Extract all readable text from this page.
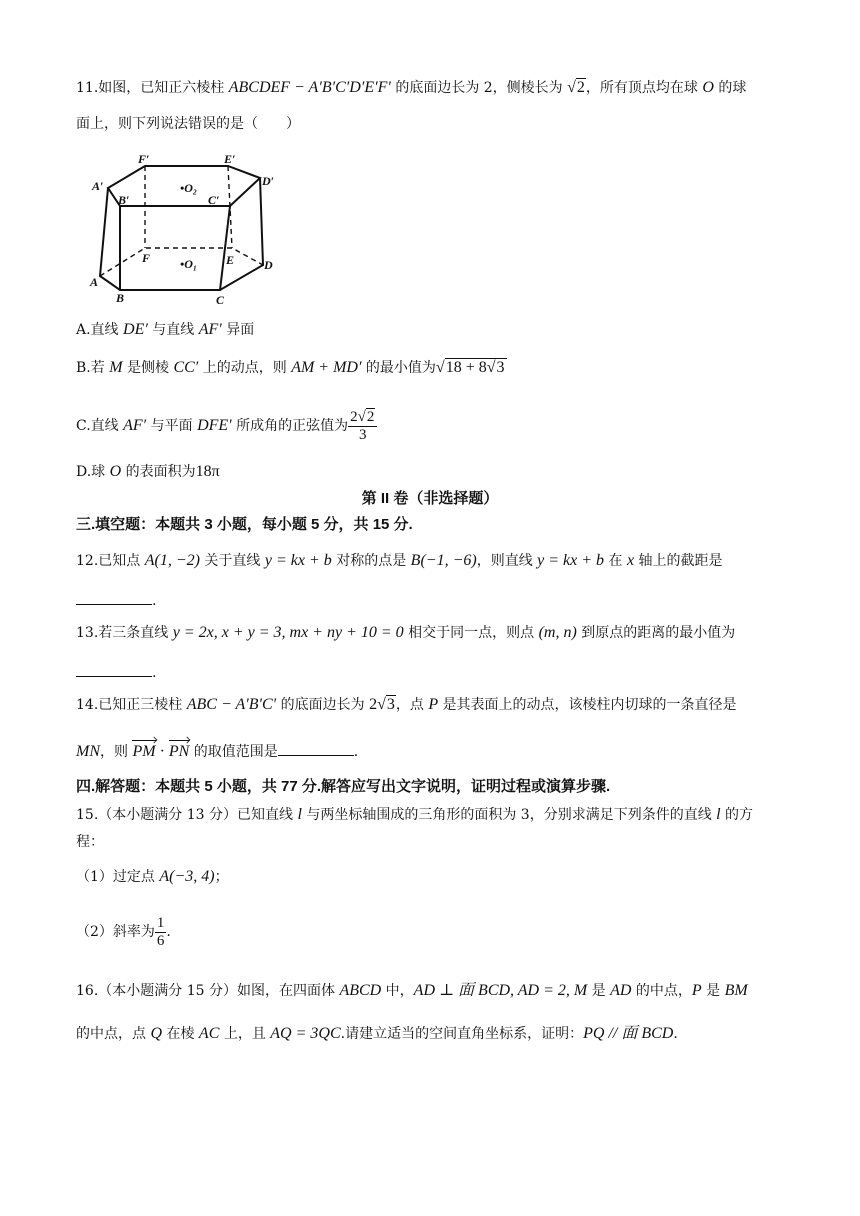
11.如图，已知正六棱柱 ABCDEF − A′B′C′D′E′F′ 的底面边长为 2，侧棱长为 √2，所有顶点均在球 O 的球
面上，则下列说法错误的是（　　）
F′	E′
A′	D′
B′
•O₂
C′
F	E
•O₁	D
A
B	C
A.直线 DE′ 与直线 AF′ 异面
B.若 M 是侧棱 CC′ 上的动点，则 AM + MD′ 的最小值为√18 + 8√3
C.直线 AF′ 与平面 DFE′ 所成角的正弦值为 $\frac{2√2}{3}$
D.球 O 的表面积为18π
第 II 卷（非选择题）
三.填空题：本题共 3 小题，每小题 5 分，共 15 分.
12.已知点 A(1, −2) 关于直线 y = kx + b 对称的点是 B(−1, −6)，则直线 y = kx + b 在 x 轴上的截距是
.
13.若三条直线 y = 2x, x + y = 3, mx + ny + 10 = 0 相交于同一点，则点 (m, n) 到原点的距离的最小值为
.
14.已知正三棱柱 ABC − A′B′C′ 的底面边长为 2√3，点 P 是其表面上的动点，该棱柱内切球的一条直径是
MN，则 PM · PN 的取值范围是	.
四.解答题：本题共 5 小题，共 77 分.解答应写出文字说明，证明过程或演算步骤.
15.（本小题满分 13 分）已知直线 l 与两坐标轴围成的三角形的面积为 3，分别求满足下列条件的直线 l 的方
程：
（1）过定点 A(−3, 4)；
（2）斜率为 $\frac{1}{6}$ .
16.（本小题满分 15 分）如图，在四面体 ABCD 中，AD ⊥ 面 BCD, AD = 2, M 是 AD 的中点，P 是 BM
的中点，点 Q 在棱 AC 上，且 AQ = 3QC.请建立适当的空间直角坐标系，证明：PQ // 面 BCD.
